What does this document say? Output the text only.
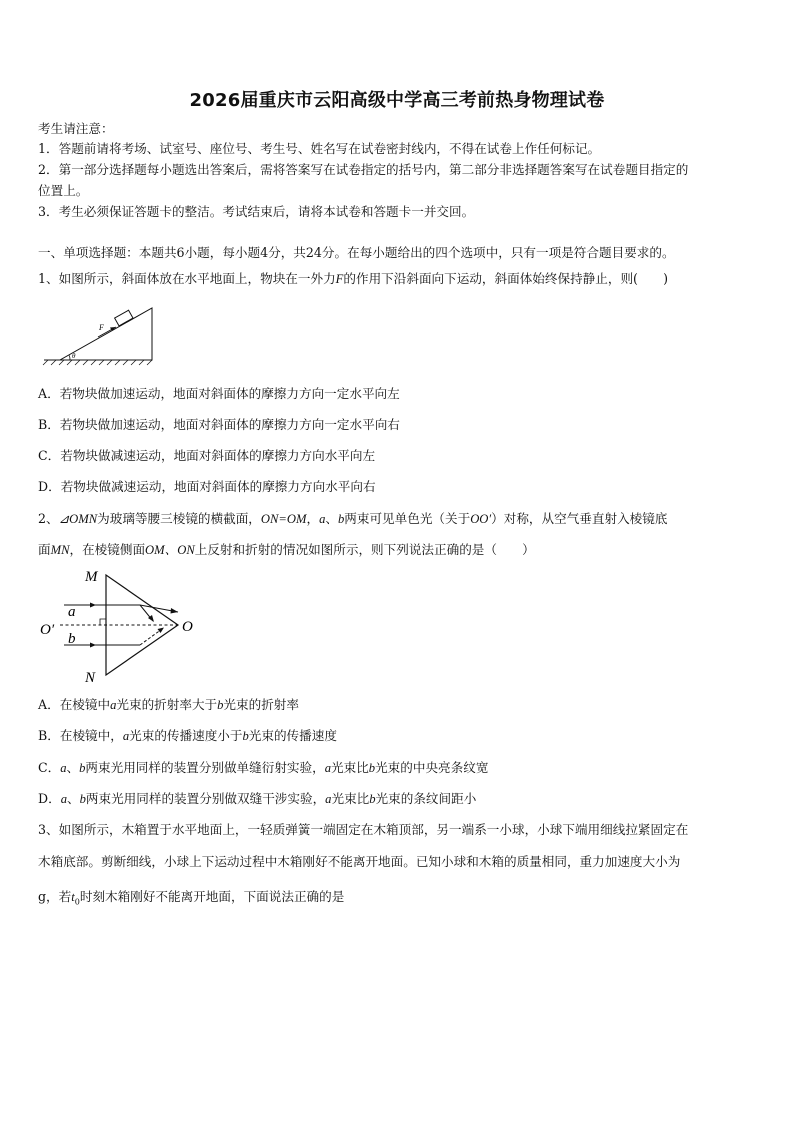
2026届重庆市云阳高级中学高三考前热身物理试卷
考生请注意：
1．答题前请将考场、试室号、座位号、考生号、姓名写在试卷密封线内，不得在试卷上作任何标记。
2．第一部分选择题每小题选出答案后，需将答案写在试卷指定的括号内，第二部分非选择题答案写在试卷题目指定的
位置上。
3．考生必须保证答题卡的整洁。考试结束后，请将本试卷和答题卡一并交回。
一、单项选择题：本题共6小题，每小题4分，共24分。在每小题给出的四个选项中，只有一项是符合题目要求的。
1、如图所示，斜面体放在水平地面上，物块在一外力F的作用下沿斜面向下运动，斜面体始终保持静止，则(　　)
F
θ
A．若物块做加速运动，地面对斜面体的摩擦力方向一定水平向左
B．若物块做加速运动，地面对斜面体的摩擦力方向一定水平向右
C．若物块做减速运动，地面对斜面体的摩擦力方向水平向左
D．若物块做减速运动，地面对斜面体的摩擦力方向水平向右
2、⊿OMN为玻璃等腰三棱镜的横截面，ON=OM，a、b两束可见单色光（关于OO′）对称，从空气垂直射入棱镜底
面MN，在棱镜侧面OM、ON上反射和折射的情况如图所示，则下列说法正确的是（　　）
M
N
O
O′
a
b
A．在棱镜中a光束的折射率大于b光束的折射率
B．在棱镜中，a光束的传播速度小于b光束的传播速度
C．a、b两束光用同样的装置分别做单缝衍射实验，a光束比b光束的中央亮条纹宽
D．a、b两束光用同样的装置分别做双缝干涉实验，a光束比b光束的条纹间距小
3、如图所示，木箱置于水平地面上，一轻质弹簧一端固定在木箱顶部，另一端系一小球，小球下端用细线拉紧固定在
木箱底部。剪断细线，小球上下运动过程中木箱刚好不能离开地面。已知小球和木箱的质量相同，重力加速度大小为
g，若$t_0$时刻木箱刚好不能离开地面，下面说法正确的是
